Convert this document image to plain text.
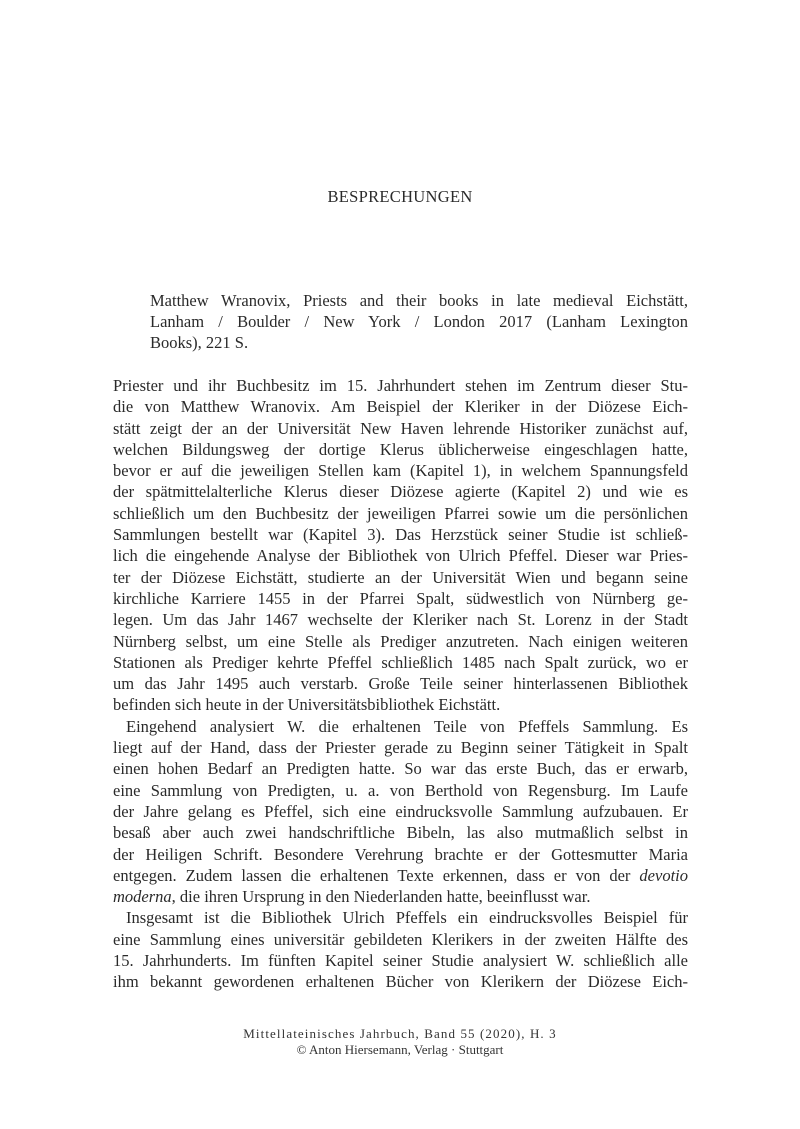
BESPRECHUNGEN
Matthew Wranovix, Priests and their books in late medieval Eichstätt,
Lanham / Boulder / New York / London 2017 (Lanham Lexington
Books), 221 S.
Priester und ihr Buchbesitz im 15. Jahrhundert stehen im Zentrum dieser Stu-
die von Matthew Wranovix. Am Beispiel der Kleriker in der Diözese Eich-
stätt zeigt der an der Universität New Haven lehrende Historiker zunächst auf,
welchen Bildungsweg der dortige Klerus üblicherweise eingeschlagen hatte,
bevor er auf die jeweiligen Stellen kam (Kapitel 1), in welchem Spannungsfeld
der spätmittelalterliche Klerus dieser Diözese agierte (Kapitel 2) und wie es
schließlich um den Buchbesitz der jeweiligen Pfarrei sowie um die persönlichen
Sammlungen bestellt war (Kapitel 3). Das Herzstück seiner Studie ist schließ-
lich die eingehende Analyse der Bibliothek von Ulrich Pfeffel. Dieser war Pries-
ter der Diözese Eichstätt, studierte an der Universität Wien und begann seine
kirchliche Karriere 1455 in der Pfarrei Spalt, südwestlich von Nürnberg ge-
legen. Um das Jahr 1467 wechselte der Kleriker nach St. Lorenz in der Stadt
Nürnberg selbst, um eine Stelle als Prediger anzutreten. Nach einigen weiteren
Stationen als Prediger kehrte Pfeffel schließlich 1485 nach Spalt zurück, wo er
um das Jahr 1495 auch verstarb. Große Teile seiner hinterlassenen Bibliothek
befinden sich heute in der Universitätsbibliothek Eichstätt.
Eingehend analysiert W. die erhaltenen Teile von Pfeffels Sammlung. Es
liegt auf der Hand, dass der Priester gerade zu Beginn seiner Tätigkeit in Spalt
einen hohen Bedarf an Predigten hatte. So war das erste Buch, das er erwarb,
eine Sammlung von Predigten, u. a. von Berthold von Regensburg. Im Laufe
der Jahre gelang es Pfeffel, sich eine eindrucksvolle Sammlung aufzubauen. Er
besaß aber auch zwei handschriftliche Bibeln, las also mutmaßlich selbst in
der Heiligen Schrift. Besondere Verehrung brachte er der Gottesmutter Maria
entgegen. Zudem lassen die erhaltenen Texte erkennen, dass er von der devotio
moderna, die ihren Ursprung in den Niederlanden hatte, beeinflusst war.
Insgesamt ist die Bibliothek Ulrich Pfeffels ein eindrucksvolles Beispiel für
eine Sammlung eines universitär gebildeten Klerikers in der zweiten Hälfte des
15. Jahrhunderts. Im fünften Kapitel seiner Studie analysiert W. schließlich alle
ihm bekannt gewordenen erhaltenen Bücher von Klerikern der Diözese Eich-
Mittellateinisches Jahrbuch, Band 55 (2020), H. 3
© Anton Hiersemann, Verlag · Stuttgart
